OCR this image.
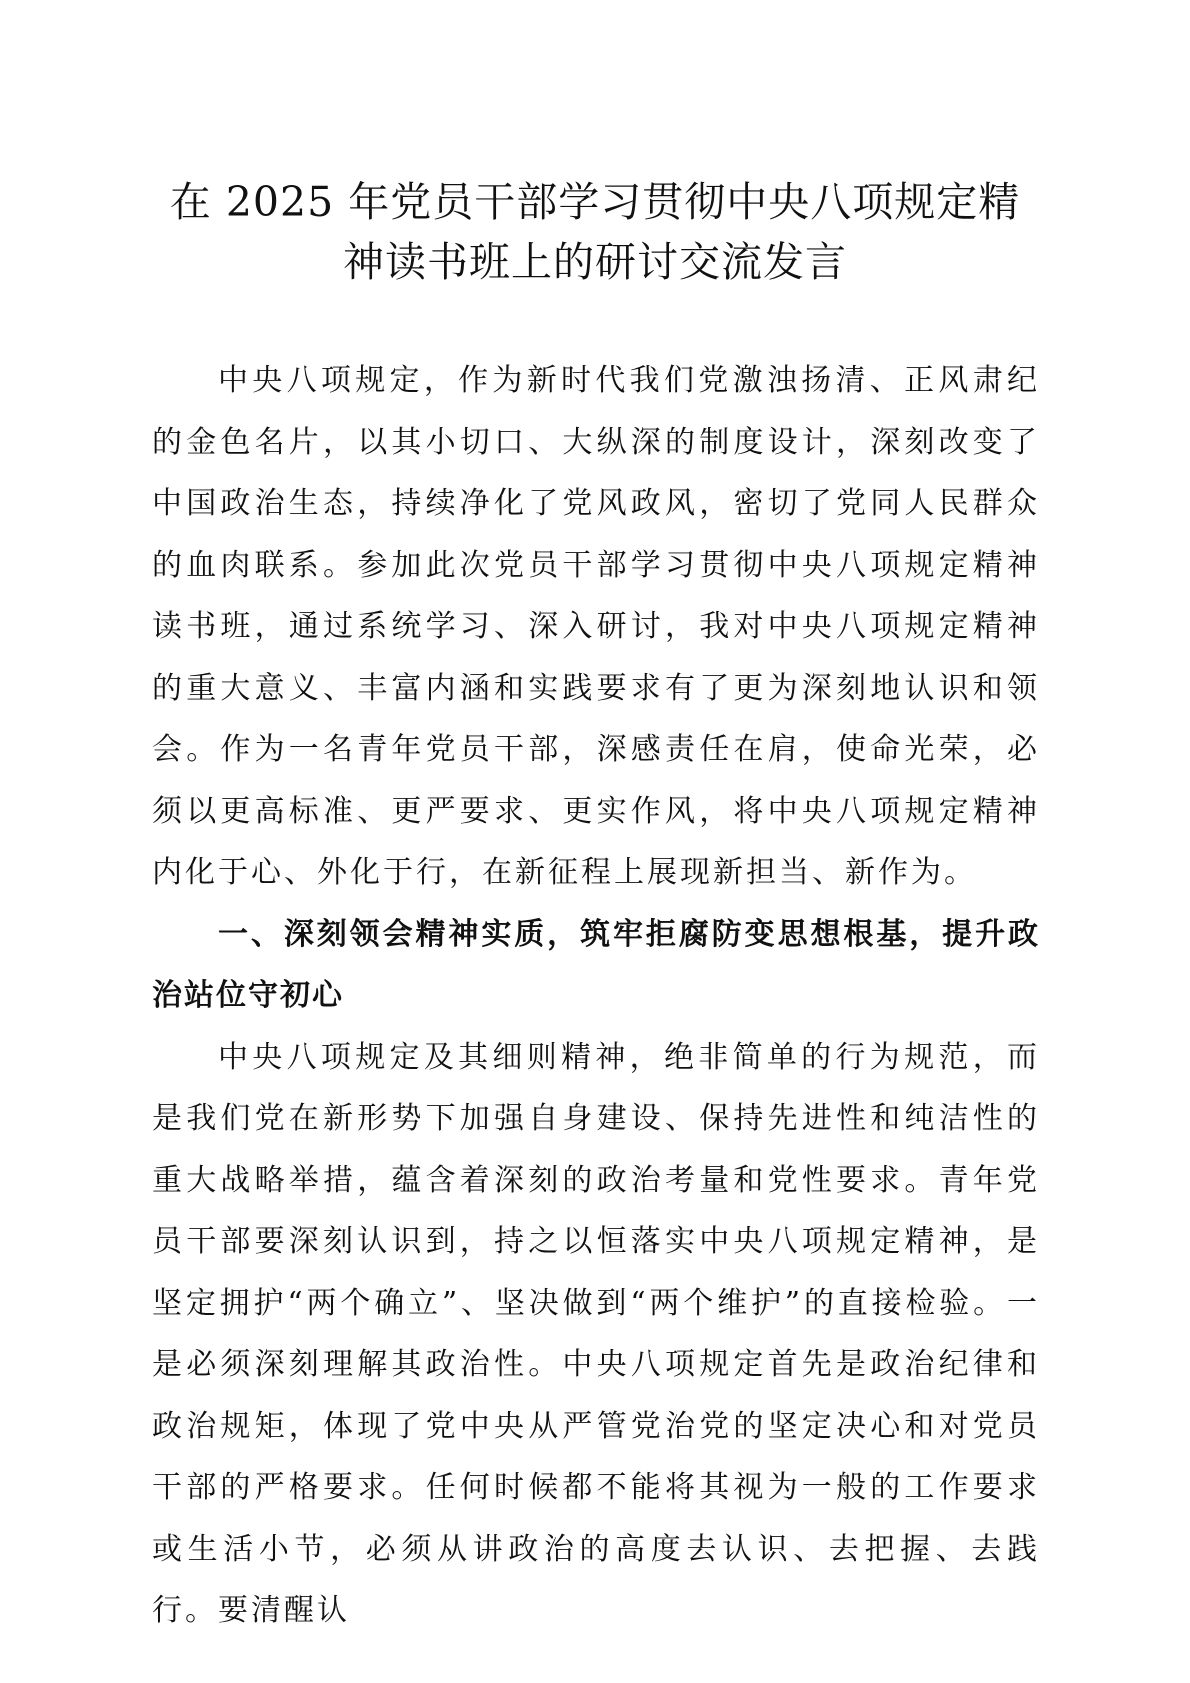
在 2025 年党员干部学习贯彻中央八项规定精
神读书班上的研讨交流发言

中央八项规定，作为新时代我们党激浊扬清、正风肃纪的金色名片，以其小切口、大纵深的制度设计，深刻改变了中国政治生态，持续净化了党风政风，密切了党同人民群众的血肉联系。参加此次党员干部学习贯彻中央八项规定精神读书班，通过系统学习、深入研讨，我对中央八项规定精神的重大意义、丰富内涵和实践要求有了更为深刻地认识和领会。作为一名青年党员干部，深感责任在肩，使命光荣，必须以更高标准、更严要求、更实作风，将中央八项规定精神内化于心、外化于行，在新征程上展现新担当、新作为。

一、深刻领会精神实质，筑牢拒腐防变思想根基，提升政治站位守初心

中央八项规定及其细则精神，绝非简单的行为规范，而是我们党在新形势下加强自身建设、保持先进性和纯洁性的重大战略举措，蕴含着深刻的政治考量和党性要求。青年党员干部要深刻认识到，持之以恒落实中央八项规定精神，是坚定拥护“两个确立”、坚决做到“两个维护”的直接检验。一是必须深刻理解其政治性。中央八项规定首先是政治纪律和政治规矩，体现了党中央从严管党治党的坚定决心和对党员干部的严格要求。任何时候都不能将其视为一般的工作要求或生活小节，必须从讲政治的高度去认识、去把握、去践行。要清醒认
